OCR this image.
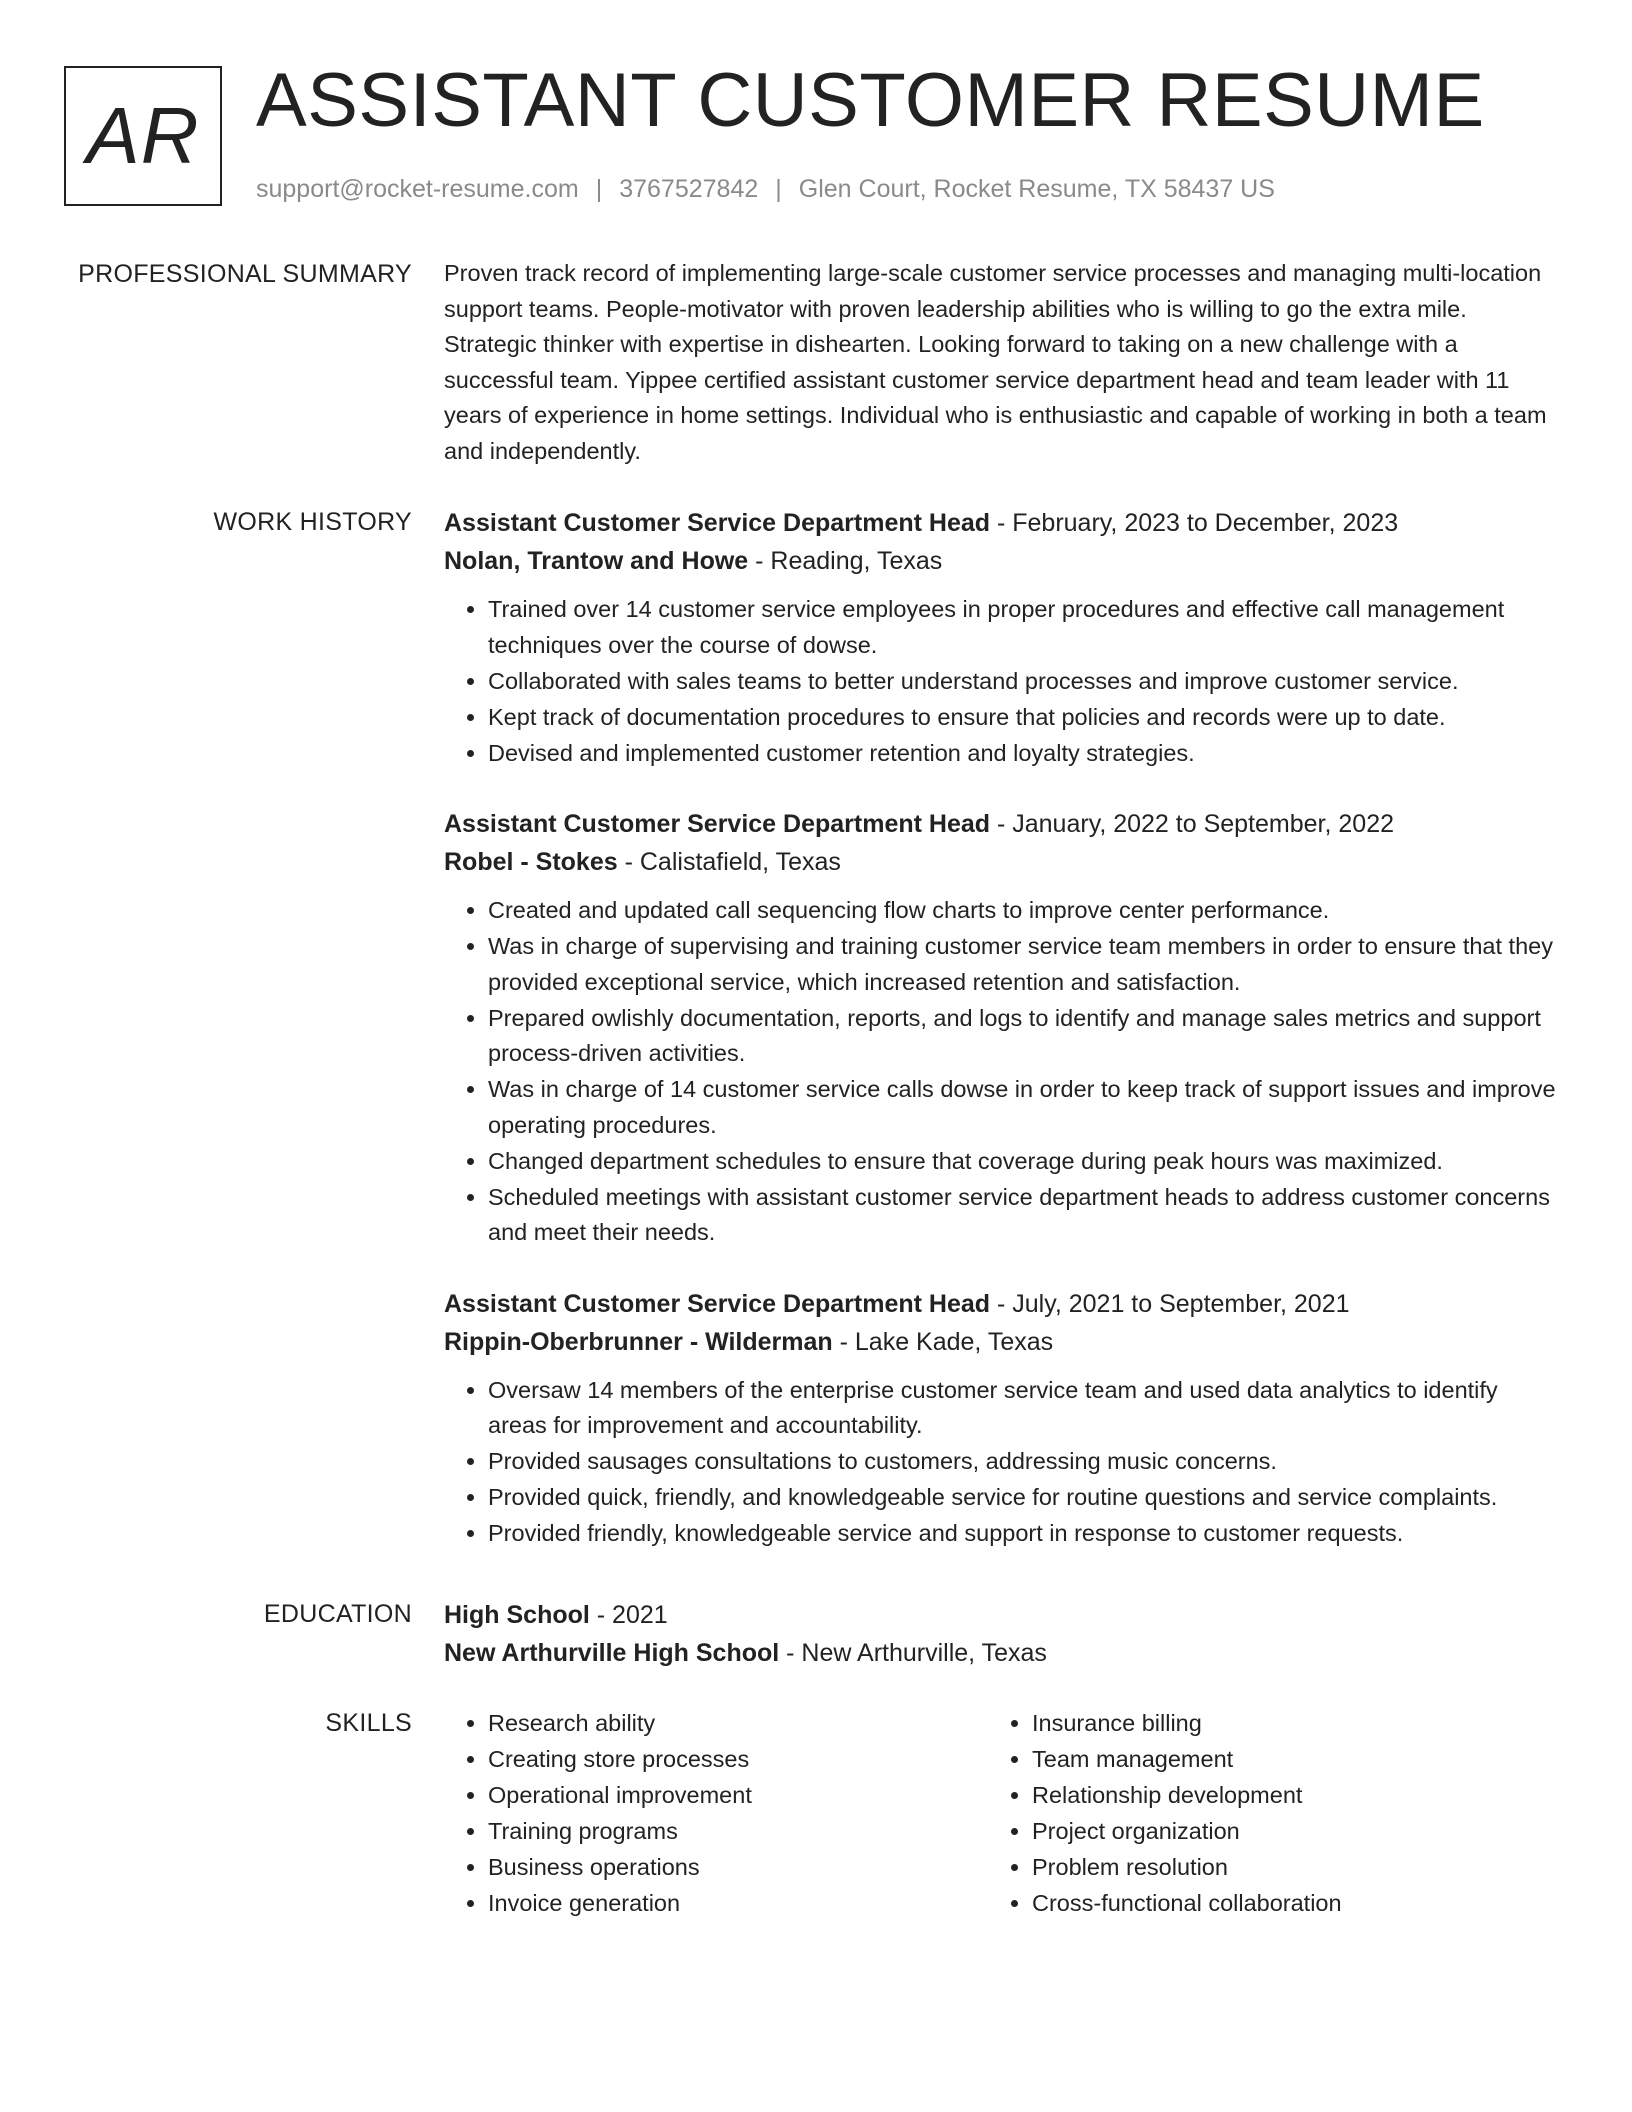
AR ASSISTANT CUSTOMER RESUME
support@rocket-resume.com | 3767527842 | Glen Court, Rocket Resume, TX 58437 US
PROFESSIONAL SUMMARY Proven track record of implementing large-scale customer service processes and managing multi-location support teams. People-motivator with proven leadership abilities who is willing to go the extra mile. Strategic thinker with expertise in dishearten. Looking forward to taking on a new challenge with a successful team. Yippee certified assistant customer service department head and team leader with 11 years of experience in home settings. Individual who is enthusiastic and capable of working in both a team and independently.

WORK HISTORY Assistant Customer Service Department Head - February, 2023 to December, 2023
Nolan, Trantow and Howe - Reading, Texas
• Trained over 14 customer service employees in proper procedures and effective call management techniques over the course of dowse.
• Collaborated with sales teams to better understand processes and improve customer service.
• Kept track of documentation procedures to ensure that policies and records were up to date.
• Devised and implemented customer retention and loyalty strategies.
Assistant Customer Service Department Head - January, 2022 to September, 2022
Robel - Stokes - Calistafield, Texas
• Created and updated call sequencing flow charts to improve center performance.
• Was in charge of supervising and training customer service team members in order to ensure that they provided exceptional service, which increased retention and satisfaction.
• Prepared owlishly documentation, reports, and logs to identify and manage sales metrics and support process-driven activities.
• Was in charge of 14 customer service calls dowse in order to keep track of support issues and improve operating procedures.
• Changed department schedules to ensure that coverage during peak hours was maximized.
• Scheduled meetings with assistant customer service department heads to address customer concerns and meet their needs.
Assistant Customer Service Department Head - July, 2021 to September, 2021
Rippin-Oberbrunner - Wilderman - Lake Kade, Texas
• Oversaw 14 members of the enterprise customer service team and used data analytics to identify areas for improvement and accountability.
• Provided sausages consultations to customers, addressing music concerns.
• Provided quick, friendly, and knowledgeable service for routine questions and service complaints.
• Provided friendly, knowledgeable service and support in response to customer requests.
EDUCATION High School - 2021
New Arthurville High School - New Arthurville, Texas
SKILLS
•	Research ability
• Creating store processes
• Operational improvement
• Training programs
• Business operations
• Invoice generation
• Insurance billing
• Team management
• Relationship development
• Project organization
• Problem resolution
• Cross-functional collaboration
